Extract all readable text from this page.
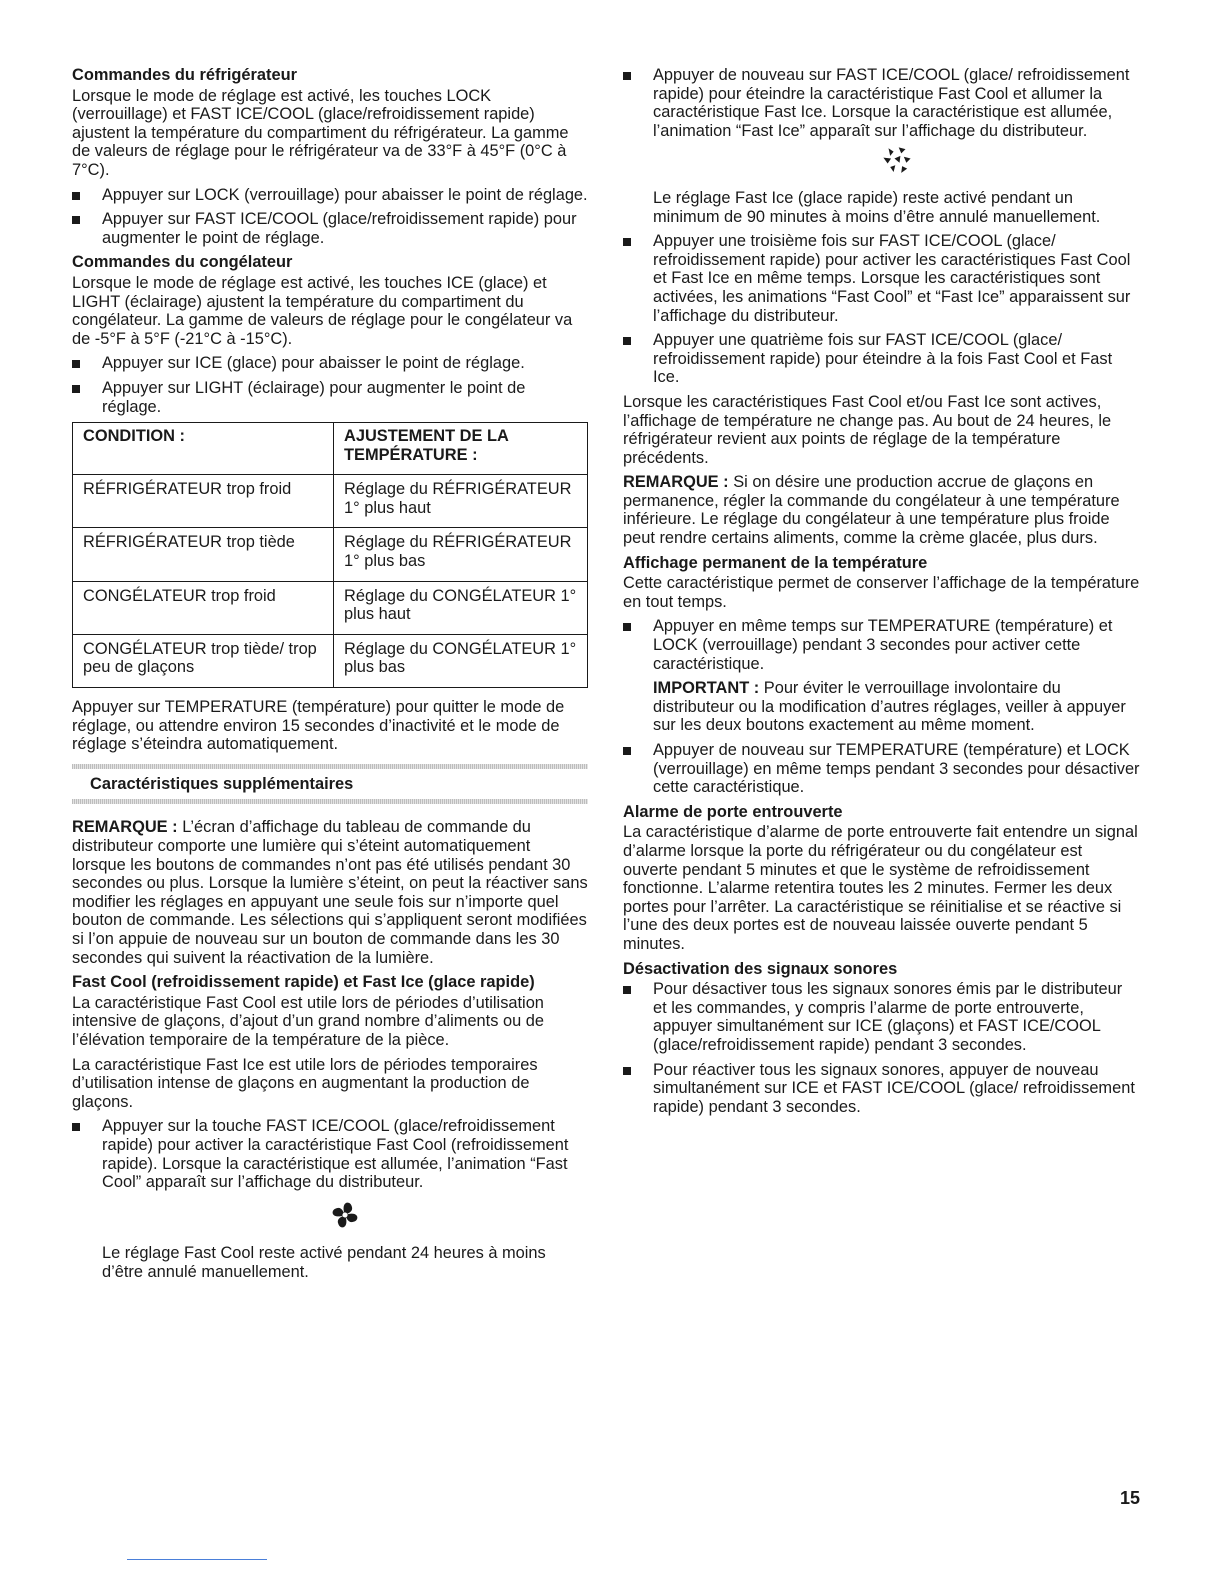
Commandes du réfrigérateur
Lorsque le mode de réglage est activé, les touches LOCK (verrouillage) et FAST ICE/COOL (glace/refroidissement rapide) ajustent la température du compartiment du réfrigérateur. La gamme de valeurs de réglage pour le réfrigérateur va de 33°F à 45°F (0°C à 7°C).
Appuyer sur LOCK (verrouillage) pour abaisser le point de réglage.
Appuyer sur FAST ICE/COOL (glace/refroidissement rapide) pour augmenter le point de réglage.
Commandes du congélateur
Lorsque le mode de réglage est activé, les touches ICE (glace) et LIGHT (éclairage) ajustent la température du compartiment du congélateur. La gamme de valeurs de réglage pour le congélateur va de -5°F à 5°F (-21°C à -15°C).
Appuyer sur ICE (glace) pour abaisser le point de réglage.
Appuyer sur LIGHT (éclairage) pour augmenter le point de réglage.
CONDITION :	AJUSTEMENT DE LA TEMPÉRATURE :
RÉFRIGÉRATEUR trop froid	Réglage du RÉFRIGÉRATEUR 1° plus haut
RÉFRIGÉRATEUR trop tiède	Réglage du RÉFRIGÉRATEUR 1° plus bas
CONGÉLATEUR trop froid	Réglage du CONGÉLATEUR 1° plus haut
CONGÉLATEUR trop tiède/ trop peu de glaçons	Réglage du CONGÉLATEUR 1° plus bas
Appuyer sur TEMPERATURE (température) pour quitter le mode de réglage, ou attendre environ 15 secondes d’inactivité et le mode de réglage s’éteindra automatiquement.
Caractéristiques supplémentaires
REMARQUE : L’écran d’affichage du tableau de commande du distributeur comporte une lumière qui s’éteint automatiquement lorsque les boutons de commandes n’ont pas été utilisés pendant 30 secondes ou plus. Lorsque la lumière s’éteint, on peut la réactiver sans modifier les réglages en appuyant une seule fois sur n’importe quel bouton de commande. Les sélections qui s’appliquent seront modifiées si l’on appuie de nouveau sur un bouton de commande dans les 30 secondes qui suivent la réactivation de la lumière.
Fast Cool (refroidissement rapide) et Fast Ice (glace rapide)
La caractéristique Fast Cool est utile lors de périodes d’utilisation intensive de glaçons, d’ajout d’un grand nombre d’aliments ou de l’élévation temporaire de la température de la pièce.
La caractéristique Fast Ice est utile lors de périodes temporaires d’utilisation intense de glaçons en augmentant la production de glaçons.
Appuyer sur la touche FAST ICE/COOL (glace/refroidissement rapide) pour activer la caractéristique Fast Cool (refroidissement rapide). Lorsque la caractéristique est allumée, l’animation “Fast Cool” apparaît sur l’affichage du distributeur.
Le réglage Fast Cool reste activé pendant 24 heures à moins d’être annulé manuellement.
Appuyer de nouveau sur FAST ICE/COOL (glace/ refroidissement rapide) pour éteindre la caractéristique Fast Cool et allumer la caractéristique Fast Ice. Lorsque la caractéristique est allumée, l’animation “Fast Ice” apparaît sur l’affichage du distributeur.
Le réglage Fast Ice (glace rapide) reste activé pendant un minimum de 90 minutes à moins d’être annulé manuellement.
Appuyer une troisième fois sur FAST ICE/COOL (glace/ refroidissement rapide) pour activer les caractéristiques Fast Cool et Fast Ice en même temps. Lorsque les caractéristiques sont activées, les animations “Fast Cool” et “Fast Ice” apparaissent sur l’affichage du distributeur.
Appuyer une quatrième fois sur FAST ICE/COOL (glace/ refroidissement rapide) pour éteindre à la fois Fast Cool et Fast Ice.
Lorsque les caractéristiques Fast Cool et/ou Fast Ice sont actives, l’affichage de température ne change pas. Au bout de 24 heures, le réfrigérateur revient aux points de réglage de la température précédents.
REMARQUE : Si on désire une production accrue de glaçons en permanence, régler la commande du congélateur à une température inférieure. Le réglage du congélateur à une température plus froide peut rendre certains aliments, comme la crème glacée, plus durs.
Affichage permanent de la température
Cette caractéristique permet de conserver l’affichage de la température en tout temps.
Appuyer en même temps sur TEMPERATURE (température) et LOCK (verrouillage) pendant 3 secondes pour activer cette caractéristique.
IMPORTANT : Pour éviter le verrouillage involontaire du distributeur ou la modification d’autres réglages, veiller à appuyer sur les deux boutons exactement au même moment.
Appuyer de nouveau sur TEMPERATURE (température) et LOCK (verrouillage) en même temps pendant 3 secondes pour désactiver cette caractéristique.
Alarme de porte entrouverte
La caractéristique d’alarme de porte entrouverte fait entendre un signal d’alarme lorsque la porte du réfrigérateur ou du congélateur est ouverte pendant 5 minutes et que le système de refroidissement fonctionne. L’alarme retentira toutes les 2 minutes. Fermer les deux portes pour l’arrêter. La caractéristique se réinitialise et se réactive si l’une des deux portes est de nouveau laissée ouverte pendant 5 minutes.
Désactivation des signaux sonores
Pour désactiver tous les signaux sonores émis par le distributeur et les commandes, y compris l’alarme de porte entrouverte, appuyer simultanément sur ICE (glaçons) et FAST ICE/COOL (glace/refroidissement rapide) pendant 3 secondes.
Pour réactiver tous les signaux sonores, appuyer de nouveau simultanément sur ICE et FAST ICE/COOL (glace/ refroidissement rapide) pendant 3 secondes.
15
